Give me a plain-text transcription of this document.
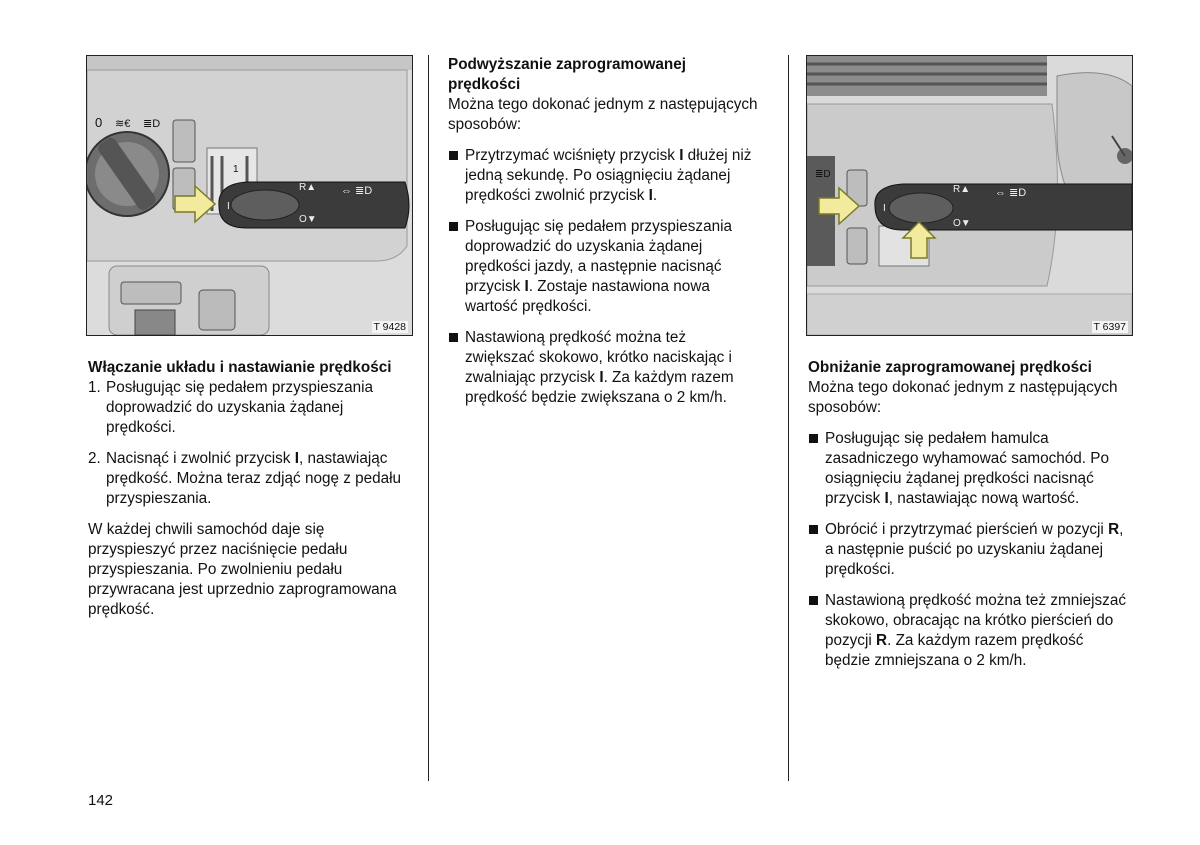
0 ≋€ ≣D
1
R▲
O▼
I
⇔ ≣D
T 9428
≣D
R▲
O▼
I
⇔ ≣D
T 6397
Włączanie układu i nastawianie prędkości
1. Posługując się pedałem przyspieszania doprowadzić do uzyskania żądanej prędkości.
2. Nacisnąć i zwolnić przycisk I, nastawiając prędkość. Można teraz zdjąć nogę z pedału przyspieszania.

W każdej chwili samochód daje się przyspieszyć przez naciśnięcie pedału przyspieszania. Po zwolnieniu pedału przywracana jest uprzednio zaprogramowana prędkość.

Podwyższanie zaprogramowanej prędkości

Można tego dokonać jednym z następujących sposobów:

Przytrzymać wciśnięty przycisk I dłużej niż jedną sekundę. Po osiągnięciu żądanej prędkości zwolnić przycisk I.
Posługując się pedałem przyspieszania doprowadzić do uzyskania żądanej prędkości jazdy, a następnie nacisnąć przycisk I. Zostaje nastawiona nowa wartość prędkości.
Nastawioną prędkość można też zwiększać skokowo, krótko naciskając i zwalniając przycisk I. Za każdym razem prędkość będzie zwiększana o 2 km/h.
Obniżanie zaprogramowanej prędkości

Można tego dokonać jednym z następujących sposobów:

Posługując się pedałem hamulca zasadniczego wyhamować samochód. Po osiągnięciu żądanej prędkości nacisnąć przycisk I, nastawiając nową wartość.
Obrócić i przytrzymać pierścień w pozycji R, a następnie puścić po uzyskaniu żądanej prędkości.
Nastawioną prędkość można też zmniejszać skokowo, obracając na krótko pierścień do pozycji R. Za każdym razem prędkość będzie zmniejszana o 2 km/h.
142
